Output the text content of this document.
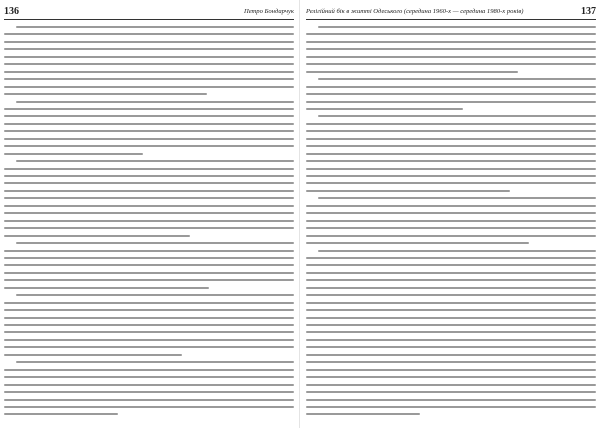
136	Петро Бондарчук	137
Релігійний бік в житті Одеського (середина 1960-х — середина 1980-х років)
